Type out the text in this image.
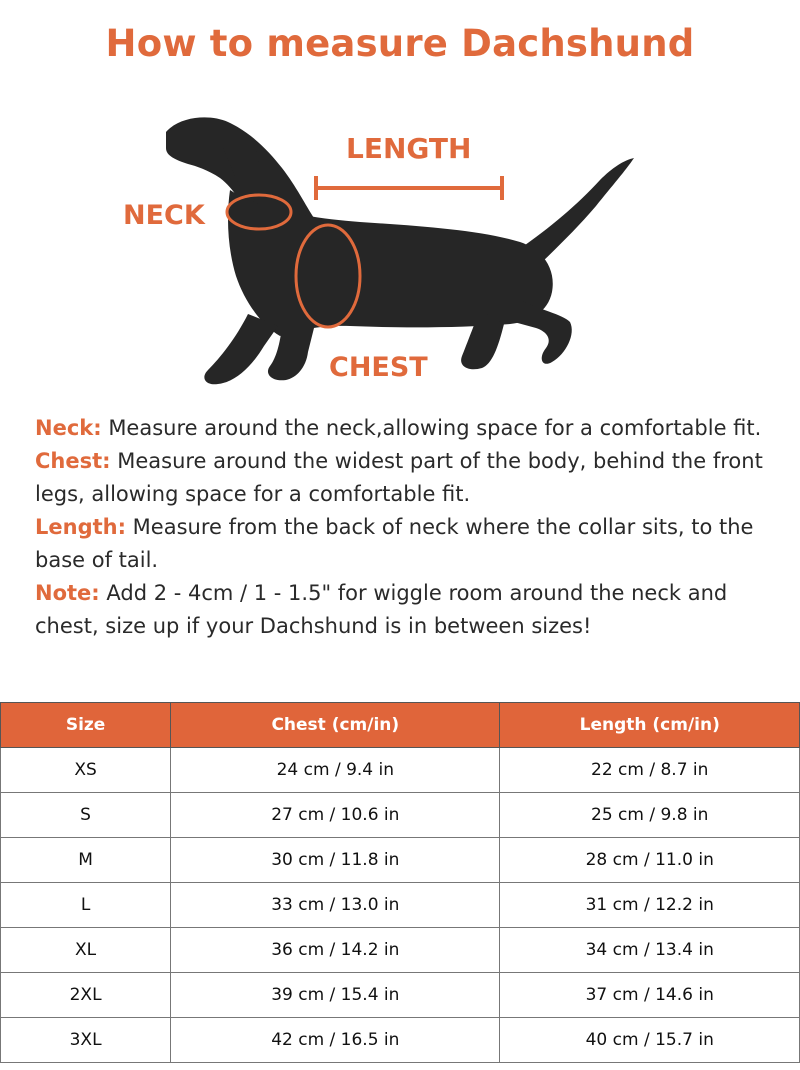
How to measure Dachshund
LENGTH
NECK
CHEST

Neck: Measure around the neck,allowing space for a comfortable fit.

Chest: Measure around the widest part of the body, behind the front legs, allowing space for a comfortable fit.

Length: Measure from the back of neck where the collar sits, to the base of tail.

Note: Add 2 - 4cm / 1 - 1.5" for wiggle room around the neck and chest, size up if your Dachshund is in between sizes!

Size	Chest (cm/in)	Length (cm/in)
XS	24 cm / 9.4 in	22 cm / 8.7 in
S	27 cm / 10.6 in	25 cm / 9.8 in
M	30 cm / 11.8 in	28 cm / 11.0 in
L	33 cm / 13.0 in	31 cm / 12.2 in
XL	36 cm / 14.2 in	34 cm / 13.4 in
2XL	39 cm / 15.4 in	37 cm / 14.6 in
3XL	42 cm / 16.5 in	40 cm / 15.7 in
